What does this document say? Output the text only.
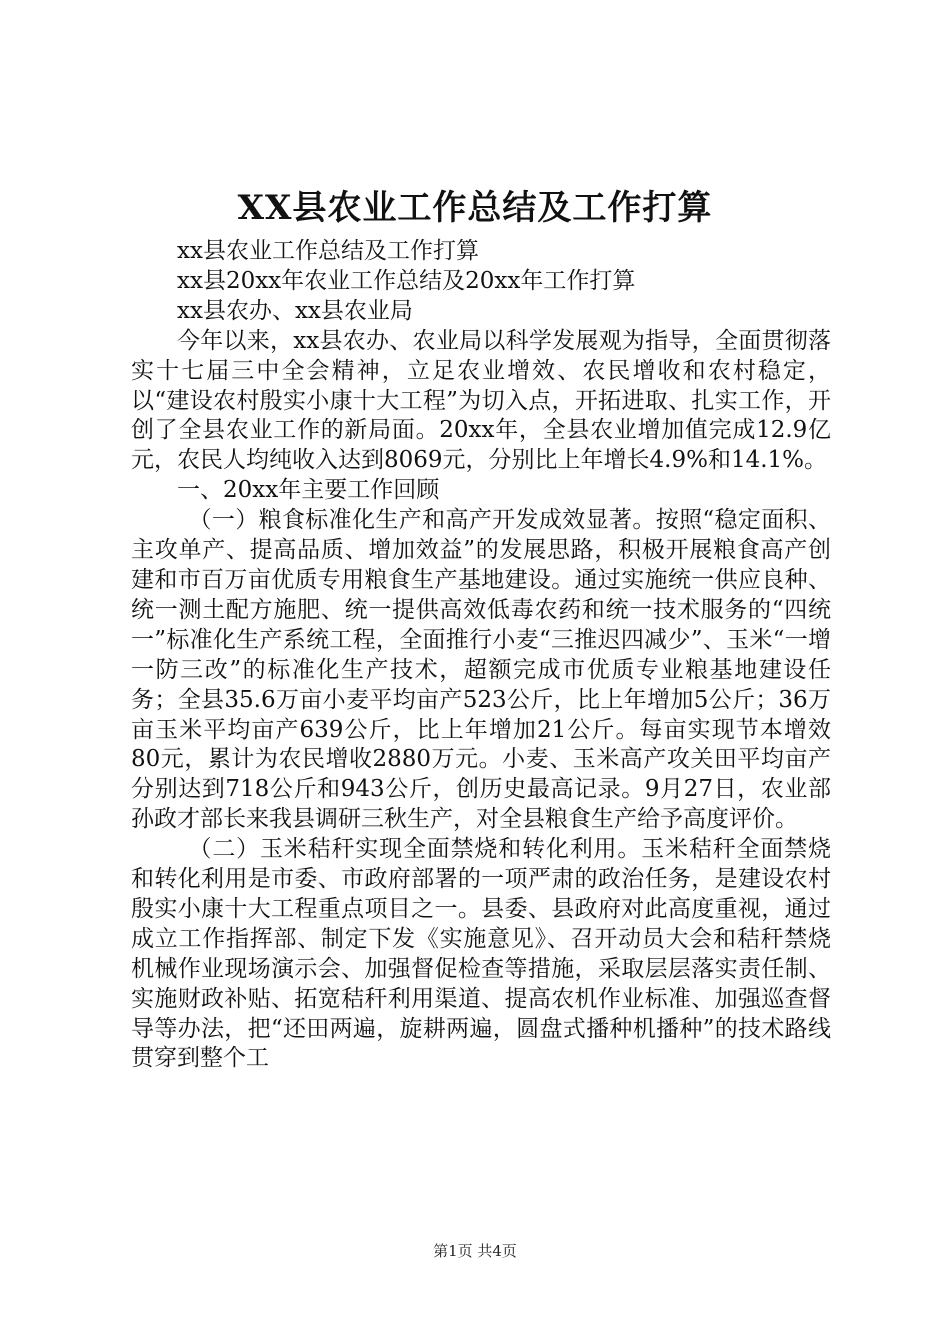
XX县农业工作总结及工作打算

xx县农业工作总结及工作打算

xx县20xx年农业工作总结及20xx年工作打算

xx县农办、xx县农业局

今年以来，xx县农办、农业局以科学发展观为指导，全面贯彻落实十七届三中全会精神，立足农业增效、农民增收和农村稳定，以“建设农村殷实小康十大工程”为切入点，开拓进取、扎实工作，开创了全县农业工作的新局面。20xx年，全县农业增加值完成12.9亿元，农民人均纯收入达到8069元，分别比上年增长4.9%和14.1%。

一、20xx年主要工作回顾

（一）粮食标准化生产和高产开发成效显著。按照“稳定面积、主攻单产、提高品质、增加效益”的发展思路，积极开展粮食高产创建和市百万亩优质专用粮食生产基地建设。通过实施统一供应良种、统一测土配方施肥、统一提供高效低毒农药和统一技术服务的“四统一”标准化生产系统工程，全面推行小麦“三推迟四减少”、玉米“一增一防三改”的标准化生产技术，超额完成市优质专业粮基地建设任务；全县35.6万亩小麦平均亩产523公斤，比上年增加5公斤；36万亩玉米平均亩产639公斤，比上年增加21公斤。每亩实现节本增效80元，累计为农民增收2880万元。小麦、玉米高产攻关田平均亩产分别达到718公斤和943公斤，创历史最高记录。9月27日，农业部孙政才部长来我县调研三秋生产，对全县粮食生产给予高度评价。

（二）玉米秸秆实现全面禁烧和转化利用。玉米秸秆全面禁烧和转化利用是市委、市政府部署的一项严肃的政治任务，是建设农村殷实小康十大工程重点项目之一。县委、县政府对此高度重视，通过成立工作指挥部、制定下发《实施意见》、召开动员大会和秸秆禁烧机械作业现场演示会、加强督促检查等措施，采取层层落实责任制、实施财政补贴、拓宽秸秆利用渠道、提高农机作业标准、加强巡查督导等办法，把“还田两遍，旋耕两遍，圆盘式播种机播种”的技术路线贯穿到整个工

第1页 共4页
